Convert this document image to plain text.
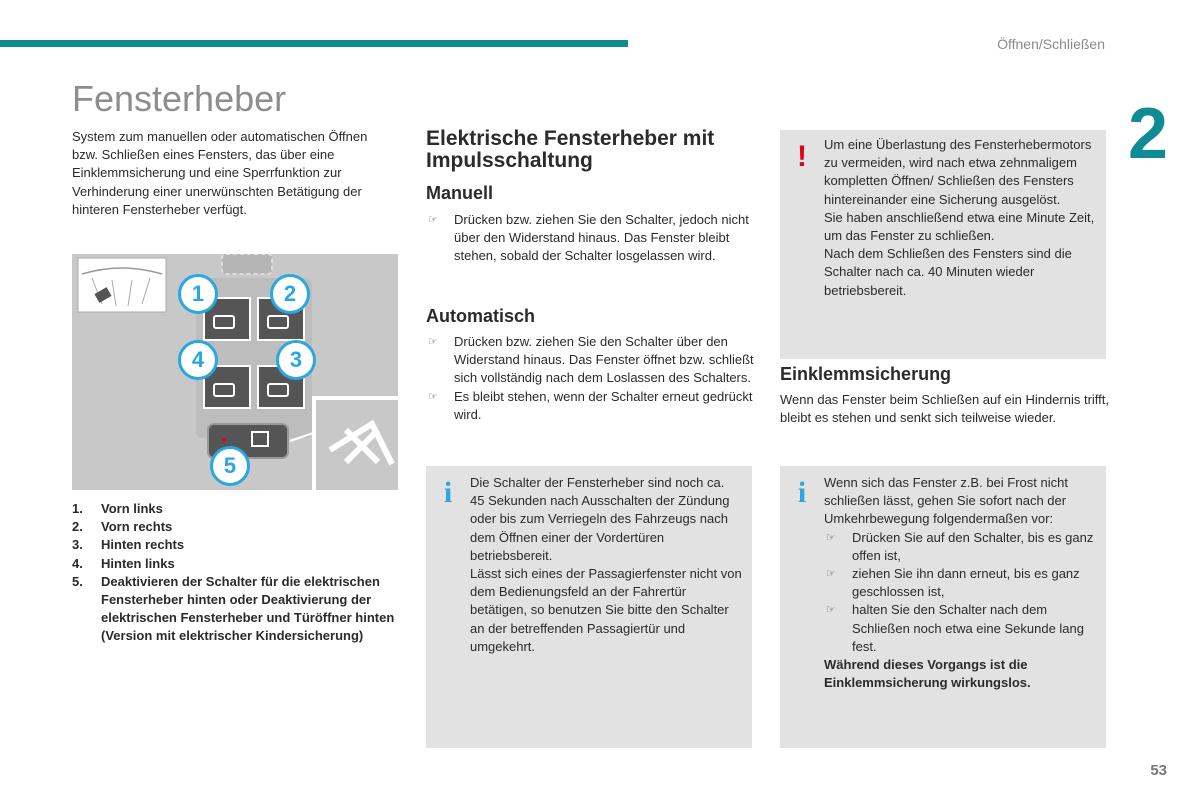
Öffnen/Schließen
2
Fensterheber

System zum manuellen oder automatischen Öffnen bzw. Schließen eines Fensters, das über eine Einklemmsicherung und eine Sperrfunktion zur Verhinderung einer unerwünschten Betätigung der hinteren Fensterheber verfügt.

1	2
4	3
5
1.	Vorn links
2.	Vorn rechts
3.	Hinten rechts
4.	Hinten links
5.	Deaktivieren der Schalter für die elektrischen Fensterheber hinten oder Deaktivierung der elektrischen Fensterheber und Türöffner hinten (Version mit elektrischer Kindersicherung)
Elektrische Fensterheber mit Impulsschaltung
Manuell
☞ Drücken bzw. ziehen Sie den Schalter, jedoch nicht über den Widerstand hinaus. Das Fenster bleibt stehen, sobald der Schalter losgelassen wird.
Automatisch
☞ Drücken bzw. ziehen Sie den Schalter über den Widerstand hinaus. Das Fenster öffnet bzw. schließt sich vollständig nach dem Loslassen des Schalters.
☞ Es bleibt stehen, wenn der Schalter erneut gedrückt wird.
i	Die Schalter der Fensterheber sind noch ca. 45 Sekunden nach Ausschalten der Zündung oder bis zum Verriegeln des Fahrzeugs nach dem Öffnen einer der Vordertüren betriebsbereit.

Lässt sich eines der Passagierfenster nicht von dem Bedienungsfeld an der Fahrertür betätigen, so benutzen Sie bitte den Schalter an der betreffenden Passagiertür und umgekehrt.

!	Um eine Überlastung des Fensterhebermotors zu vermeiden, wird nach etwa zehnmaligem kompletten Öffnen/ Schließen des Fensters hintereinander eine Sicherung ausgelöst.

Sie haben anschließend etwa eine Minute Zeit, um das Fenster zu schließen.

Nach dem Schließen des Fensters sind die Schalter nach ca. 40 Minuten wieder betriebsbereit.

Einklemmsicherung

Wenn das Fenster beim Schließen auf ein Hindernis trifft, bleibt es stehen und senkt sich teilweise wieder.

i	Wenn sich das Fenster z.B. bei Frost nicht schließen lässt, gehen Sie sofort nach der Umkehrbewegung folgendermaßen vor:

☞ Drücken Sie auf den Schalter, bis es ganz offen ist,
☞ ziehen Sie ihn dann erneut, bis es ganz geschlossen ist,
☞ halten Sie den Schalter nach dem Schließen noch etwa eine Sekunde lang fest.

Während dieses Vorgangs ist die Einklemmsicherung wirkungslos.

53
